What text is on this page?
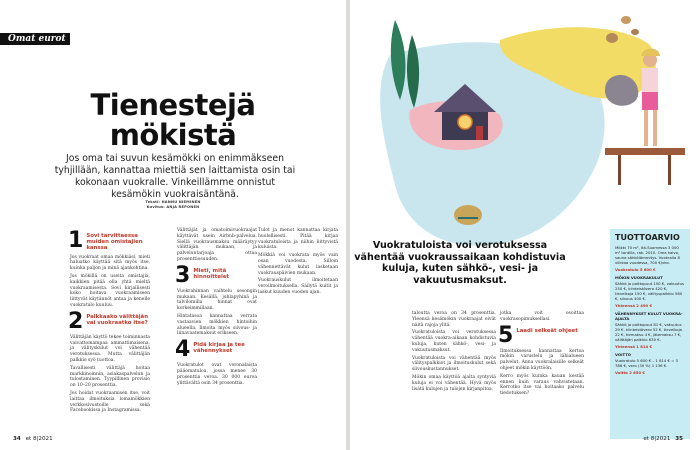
Omat eurot
Tienestejä
mökistä
Jos oma tai suvun kesämökki on enimmäkseen tyhjillään, kannattaa miettiä sen laittamista osin tai kokonaan vuokralle. Vinkeillämme onnistut kesämökin vuokraisäntänä.
Teksti: HANNU NIEMINEN
Kuvitus: ANJA REPONEN
1 Sovi tarvittaessa muiden omistajien kanssa

Jos vuokraat omaa mökkiäsi, mieti haluatko käyttää sitä myös itse, kuinka paljon ja minä ajankohtina.

Jos mökillä on useita omistajia, kaikkien pitää olla yhtä mieltä vuokraamisesta. Sovi kirjallisesti koko hoitava vuokraamiseen liittyvät käytännöt antaa ja kenelle vuokratulo kuuluu.

2 Palkkaako välittäjän vai vuokraatko itse?

Välittäjän käyttö tekee toiminnasta vaivattomampaa ammattimaisena, ja välityskulut voi vähentää verotuksessa. Mutta välittäjän palkkio syö tuottoa.

Tavallisesti välittäjä hoitaa markkinoinnin, asiakaspalvelun ja tulostaminen. Tyypillinen provisio on 10–20 prosenttia.

Jos hoidat vuokraamisen itse, voit laittaa ilmoituksia lomamökkien verkkosivustoille sekä Facebookissa ja Instagramissa.

Välittäjät ja omatoimivuokraajat käyttävät usein Airbnb-palvelua. Siellä vuokrausmaksu määräytyy välittäjän mukaan, ja palveluntarjoaja ottaa prosenttiosuuden.

3 Mieti, mitä hinnoittelet

Vuokrahinnan vaihtelu sesongin mukaan. Kesällä, juhlapyhinä ja talvilomilla hinnat ovat korkeimmillaan.

Hintatasoa kannattaa verrata vastaavien mökkien hintoihin alueella. Ilmoita myös siivous- ja liinavaatemaksut erikseen.

4 Pidä kirjaa ja tee vähennykset

Vuokratulot ovat veronalaista pääomatuloa, jossa menee 30 prosenttia veroa. 30 000 euroa ylittävältä osin 34 prosenttia.

Tulot ja menot kannattaa kirjata huolellisesti. Pitää kirjaa vuokratuloista ja niihin liittyvistä kuluista.

Mökkiä voi vuokrata myös vain osan vuodesta. Silloin vähennettävät kulut lasketaan vuokrauspäivien mukaan.

Vuokrauskulut ilmoitetaan veroilmoituksella. Säilytä kuitit ja laskut kuuden vuoden ajan.

34 et 8|2021
Vuokratuloista voi verotuksessa vähentää vuokraussaikaan kohdistuvia kuluja, kuten sähkö-, vesi- ja vakuutusmaksut.

taloutta veroa on 34 prosenttia. Yleensä kesämökin vuokraajat eivät näitä rajoja ylitä.

Vuokratuloista voi verotuksessa vähentää vuokra-aikaan kohdistuvia kuluja, kuten sähkö-, vesi- ja vakuutusmaksut.

Vuokratuloista voi vähentää myös välityspalkkiot ja ilmoituskulut sekä siivouskustannukset.

Mökin omaa käyttöä ajalta syntyviä kuluja ei voi vähentää. Hyvä myös lisätä kulujen ja tulojen kirjanpitoa.

jotka voit osoittaa vuokrasopimuksellasi.

5 Laadi selkeät ohjeet

Ilmoituksessa kannattaa kertoa mökin varustelu ja lähialueen palvelut. Anna vuokralaisille selkeät ohjeet mökin käyttöön.

Kerro myös kuinka kauan kestää ennen kuin varaus vahvistetaan. Kerrotko itse vai hoitaako palvelu tiedotuksen?

TUOTTOARVIO

Mökki 70 m², Itä-Suomessa 3 000 m² tontilla, rak. 2010. Oma kaivo, sauna sähkölämmitys. Vuokralla 8 viikkoa vuodessa, 700 €/vko.

Vuokratulo 5 600 €

MÖKIN VUOKRAKULUT

Sähkö ja polttopuut 150 €, vakuutus 250 €, kiinteistövero 420 €, tievelkoja 150 €, välityspalkkio 560 €, siivous 400 €.

Yhteensä 2 490 €

VÄHENNYKSET KULUT VUOKRA-AJALTA

Sähkö ja polttopuut 81 €, vakuutus 29 €, kiinteistövero 52 €, tievelkoja 22 €, tiemaksu 4 €, jätemaksu 7 €, välittäjän palkkio 630 €.

Yhteensä 1 814 €

VOITTO

Vuokratulo 5 600 € – 1 814 € = 3 786 €, vero (30 %) 1 136 €.

Voitto 2 650 €

et 8|2021 35
